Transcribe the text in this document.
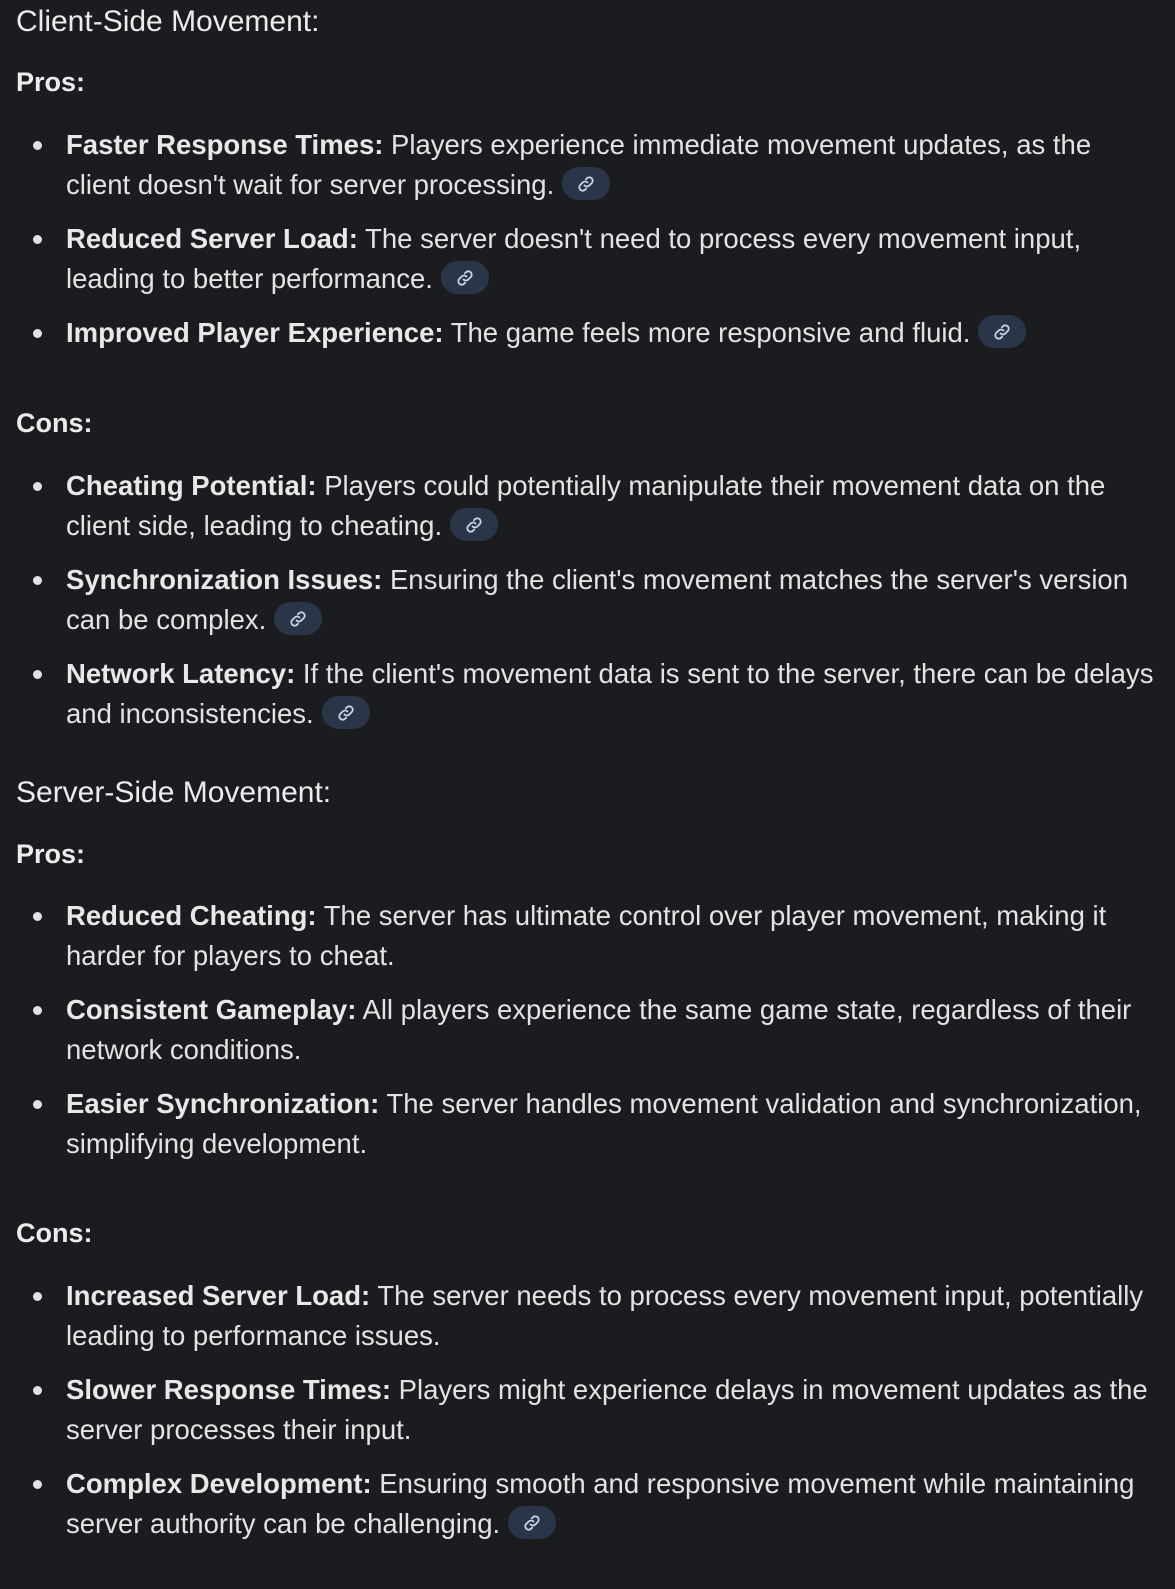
Client-Side Movement:
Pros:
Faster Response Times: Players experience immediate movement updates, as the client doesn't wait for server processing.
Reduced Server Load: The server doesn't need to process every movement input, leading to better performance.
Improved Player Experience: The game feels more responsive and fluid.
Cons:
Cheating Potential: Players could potentially manipulate their movement data on the client side, leading to cheating.
Synchronization Issues: Ensuring the client's movement matches the server's version can be complex.
Network Latency: If the client's movement data is sent to the server, there can be delays and inconsistencies.
Server-Side Movement:
Pros:
Reduced Cheating: The server has ultimate control over player movement, making it harder for players to cheat.
Consistent Gameplay: All players experience the same game state, regardless of their network conditions.
Easier Synchronization: The server handles movement validation and synchronization, simplifying development.
Cons:
Increased Server Load: The server needs to process every movement input, potentially leading to performance issues.
Slower Response Times: Players might experience delays in movement updates as the server processes their input.
Complex Development: Ensuring smooth and responsive movement while maintaining server authority can be challenging.
